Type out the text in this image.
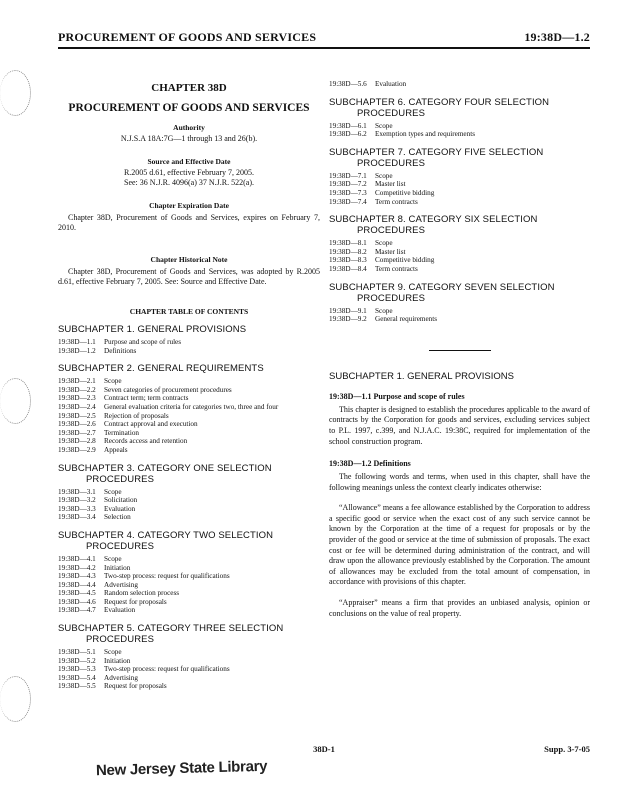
PROCUREMENT OF GOODS AND SERVICES	19:38D—1.2
CHAPTER 38D
PROCUREMENT OF GOODS AND SERVICES
Authority
N.J.S.A 18A:7G—1 through 13 and 26(b).
Source and Effective Date
R.2005 d.61, effective February 7, 2005.
See: 36 N.J.R. 4096(a) 37 N.J.R. 522(a).
Chapter Expiration Date
Chapter 38D, Procurement of Goods and Services, expires on February 7, 2010.
Chapter Historical Note
Chapter 38D, Procurement of Goods and Services, was adopted by R.2005 d.61, effective February 7, 2005. See: Source and Effective Date.
CHAPTER TABLE OF CONTENTS
SUBCHAPTER 1. GENERAL PROVISIONS
19:38D—1.1	Purpose and scope of rules
19:38D—1.2	Definitions
SUBCHAPTER 2. GENERAL REQUIREMENTS
19:38D—2.1	Scope
19:38D—2.2	Seven categories of procurement procedures
19:38D—2.3	Contract term; term contracts
19:38D—2.4	General evaluation criteria for categories two, three and four
19:38D—2.5	Rejection of proposals
19:38D—2.6	Contract approval and execution
19:38D—2.7	Termination
19:38D—2.8	Records access and retention
19:38D—2.9	Appeals
SUBCHAPTER 3. CATEGORY ONE SELECTION
PROCEDURES
19:38D—3.1	Scope
19:38D—3.2	Solicitation
19:38D—3.3	Evaluation
19:38D—3.4	Selection
SUBCHAPTER 4. CATEGORY TWO SELECTION
PROCEDURES
19:38D—4.1	Scope
19:38D—4.2	Initiation
19:38D—4.3	Two-step process: request for qualifications
19:38D—4.4	Advertising
19:38D—4.5	Random selection process
19:38D—4.6	Request for proposals
19:38D—4.7	Evaluation
SUBCHAPTER 5. CATEGORY THREE SELECTION
PROCEDURES
19:38D—5.1	Scope
19:38D—5.2	Initiation
19:38D—5.3	Two-step process: request for qualifications
19:38D—5.4	Advertising
19:38D—5.5	Request for proposals
19:38D—5.6	Evaluation
SUBCHAPTER 6. CATEGORY FOUR SELECTION
PROCEDURES
19:38D—6.1	Scope
19:38D—6.2	Exemption types and requirements
SUBCHAPTER 7. CATEGORY FIVE SELECTION
PROCEDURES
19:38D—7.1	Scope
19:38D—7.2	Master list
19:38D—7.3	Competitive bidding
19:38D—7.4	Term contracts
SUBCHAPTER 8. CATEGORY SIX SELECTION
PROCEDURES
19:38D—8.1	Scope
19:38D—8.2	Master list
19:38D—8.3	Competitive bidding
19:38D—8.4	Term contracts
SUBCHAPTER 9. CATEGORY SEVEN SELECTION
PROCEDURES
19:38D—9.1	Scope
19:38D—9.2	General requirements
SUBCHAPTER 1. GENERAL PROVISIONS
19:38D—1.1 Purpose and scope of rules
This chapter is designed to establish the procedures applicable to the award of contracts by the Corporation for goods and services, excluding services subject to P.L. 1997, c.399, and N.J.A.C. 19:38C, required for implementation of the school construction program.
19:38D—1.2 Definitions
The following words and terms, when used in this chapter, shall have the following meanings unless the context clearly indicates otherwise:
“Allowance” means a fee allowance established by the Corporation to address a specific good or service when the exact cost of any such service cannot be known by the Corporation at the time of a request for proposals or by the provider of the good or service at the time of submission of proposals. The exact cost or fee will be determined during administration of the contract, and will draw upon the allowance previously established by the Corporation. The amount of allowances may be excluded from the total amount of compensation, in accordance with provisions of this chapter.
“Appraiser” means a firm that provides an unbiased analysis, opinion or conclusions on the value of real property.
38D-1	Supp. 3-7-05
New Jersey State Library
